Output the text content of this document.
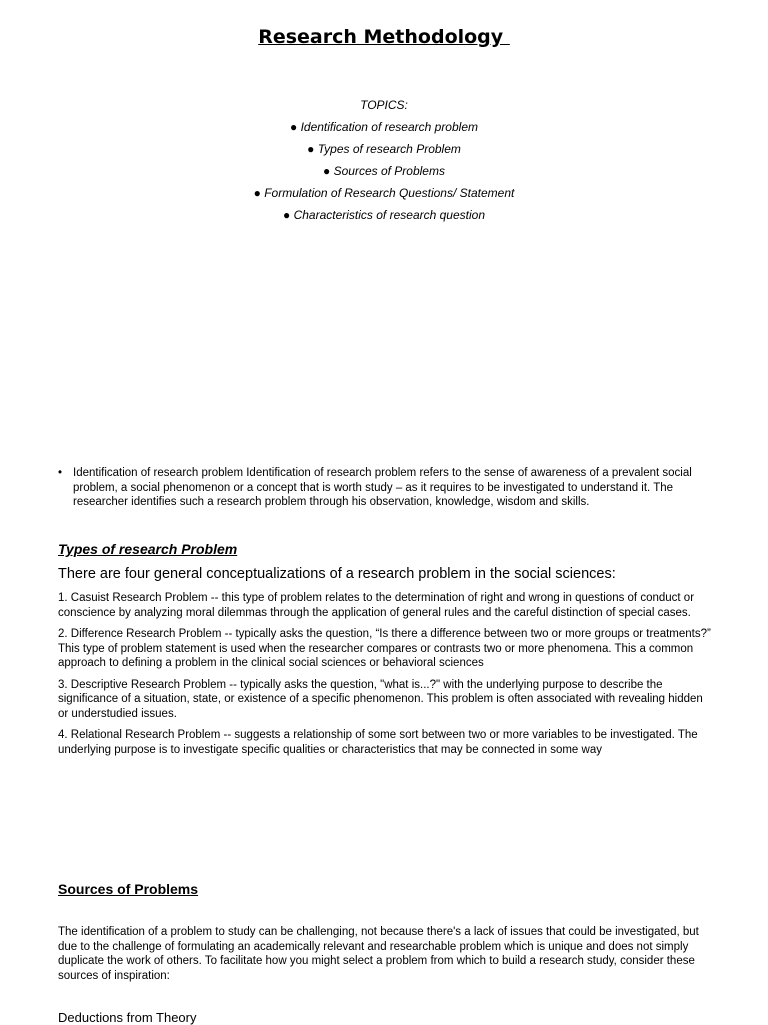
Research Methodology
TOPICS:
● Identification of research problem
● Types of research Problem
● Sources of Problems
● Formulation of Research Questions/ Statement
● Characteristics of research question
• Identification of research problem Identification of research problem refers to the sense of awareness of a prevalent social problem, a social phenomenon or a concept that is worth study – as it requires to be investigated to understand it. The researcher identifies such a research problem through his observation, knowledge, wisdom and skills.
Types of research Problem
There are four general conceptualizations of a research problem in the social sciences:

1. Casuist Research Problem -- this type of problem relates to the determination of right and wrong in questions of conduct or conscience by analyzing moral dilemmas through the application of general rules and the careful distinction of special cases.

2. Difference Research Problem -- typically asks the question, “Is there a difference between two or more groups or treatments?” This type of problem statement is used when the researcher compares or contrasts two or more phenomena. This a common approach to defining a problem in the clinical social sciences or behavioral sciences

3. Descriptive Research Problem -- typically asks the question, "what is...?" with the underlying purpose to describe the significance of a situation, state, or existence of a specific phenomenon. This problem is often associated with revealing hidden or understudied issues.

4. Relational Research Problem -- suggests a relationship of some sort between two or more variables to be investigated. The underlying purpose is to investigate specific qualities or characteristics that may be connected in some way

Sources of Problems
The identification of a problem to study can be challenging, not because there's a lack of issues that could be investigated, but due to the challenge of formulating an academically relevant and researchable problem which is unique and does not simply duplicate the work of others. To facilitate how you might select a problem from which to build a research study, consider these sources of inspiration:
Deductions from Theory
